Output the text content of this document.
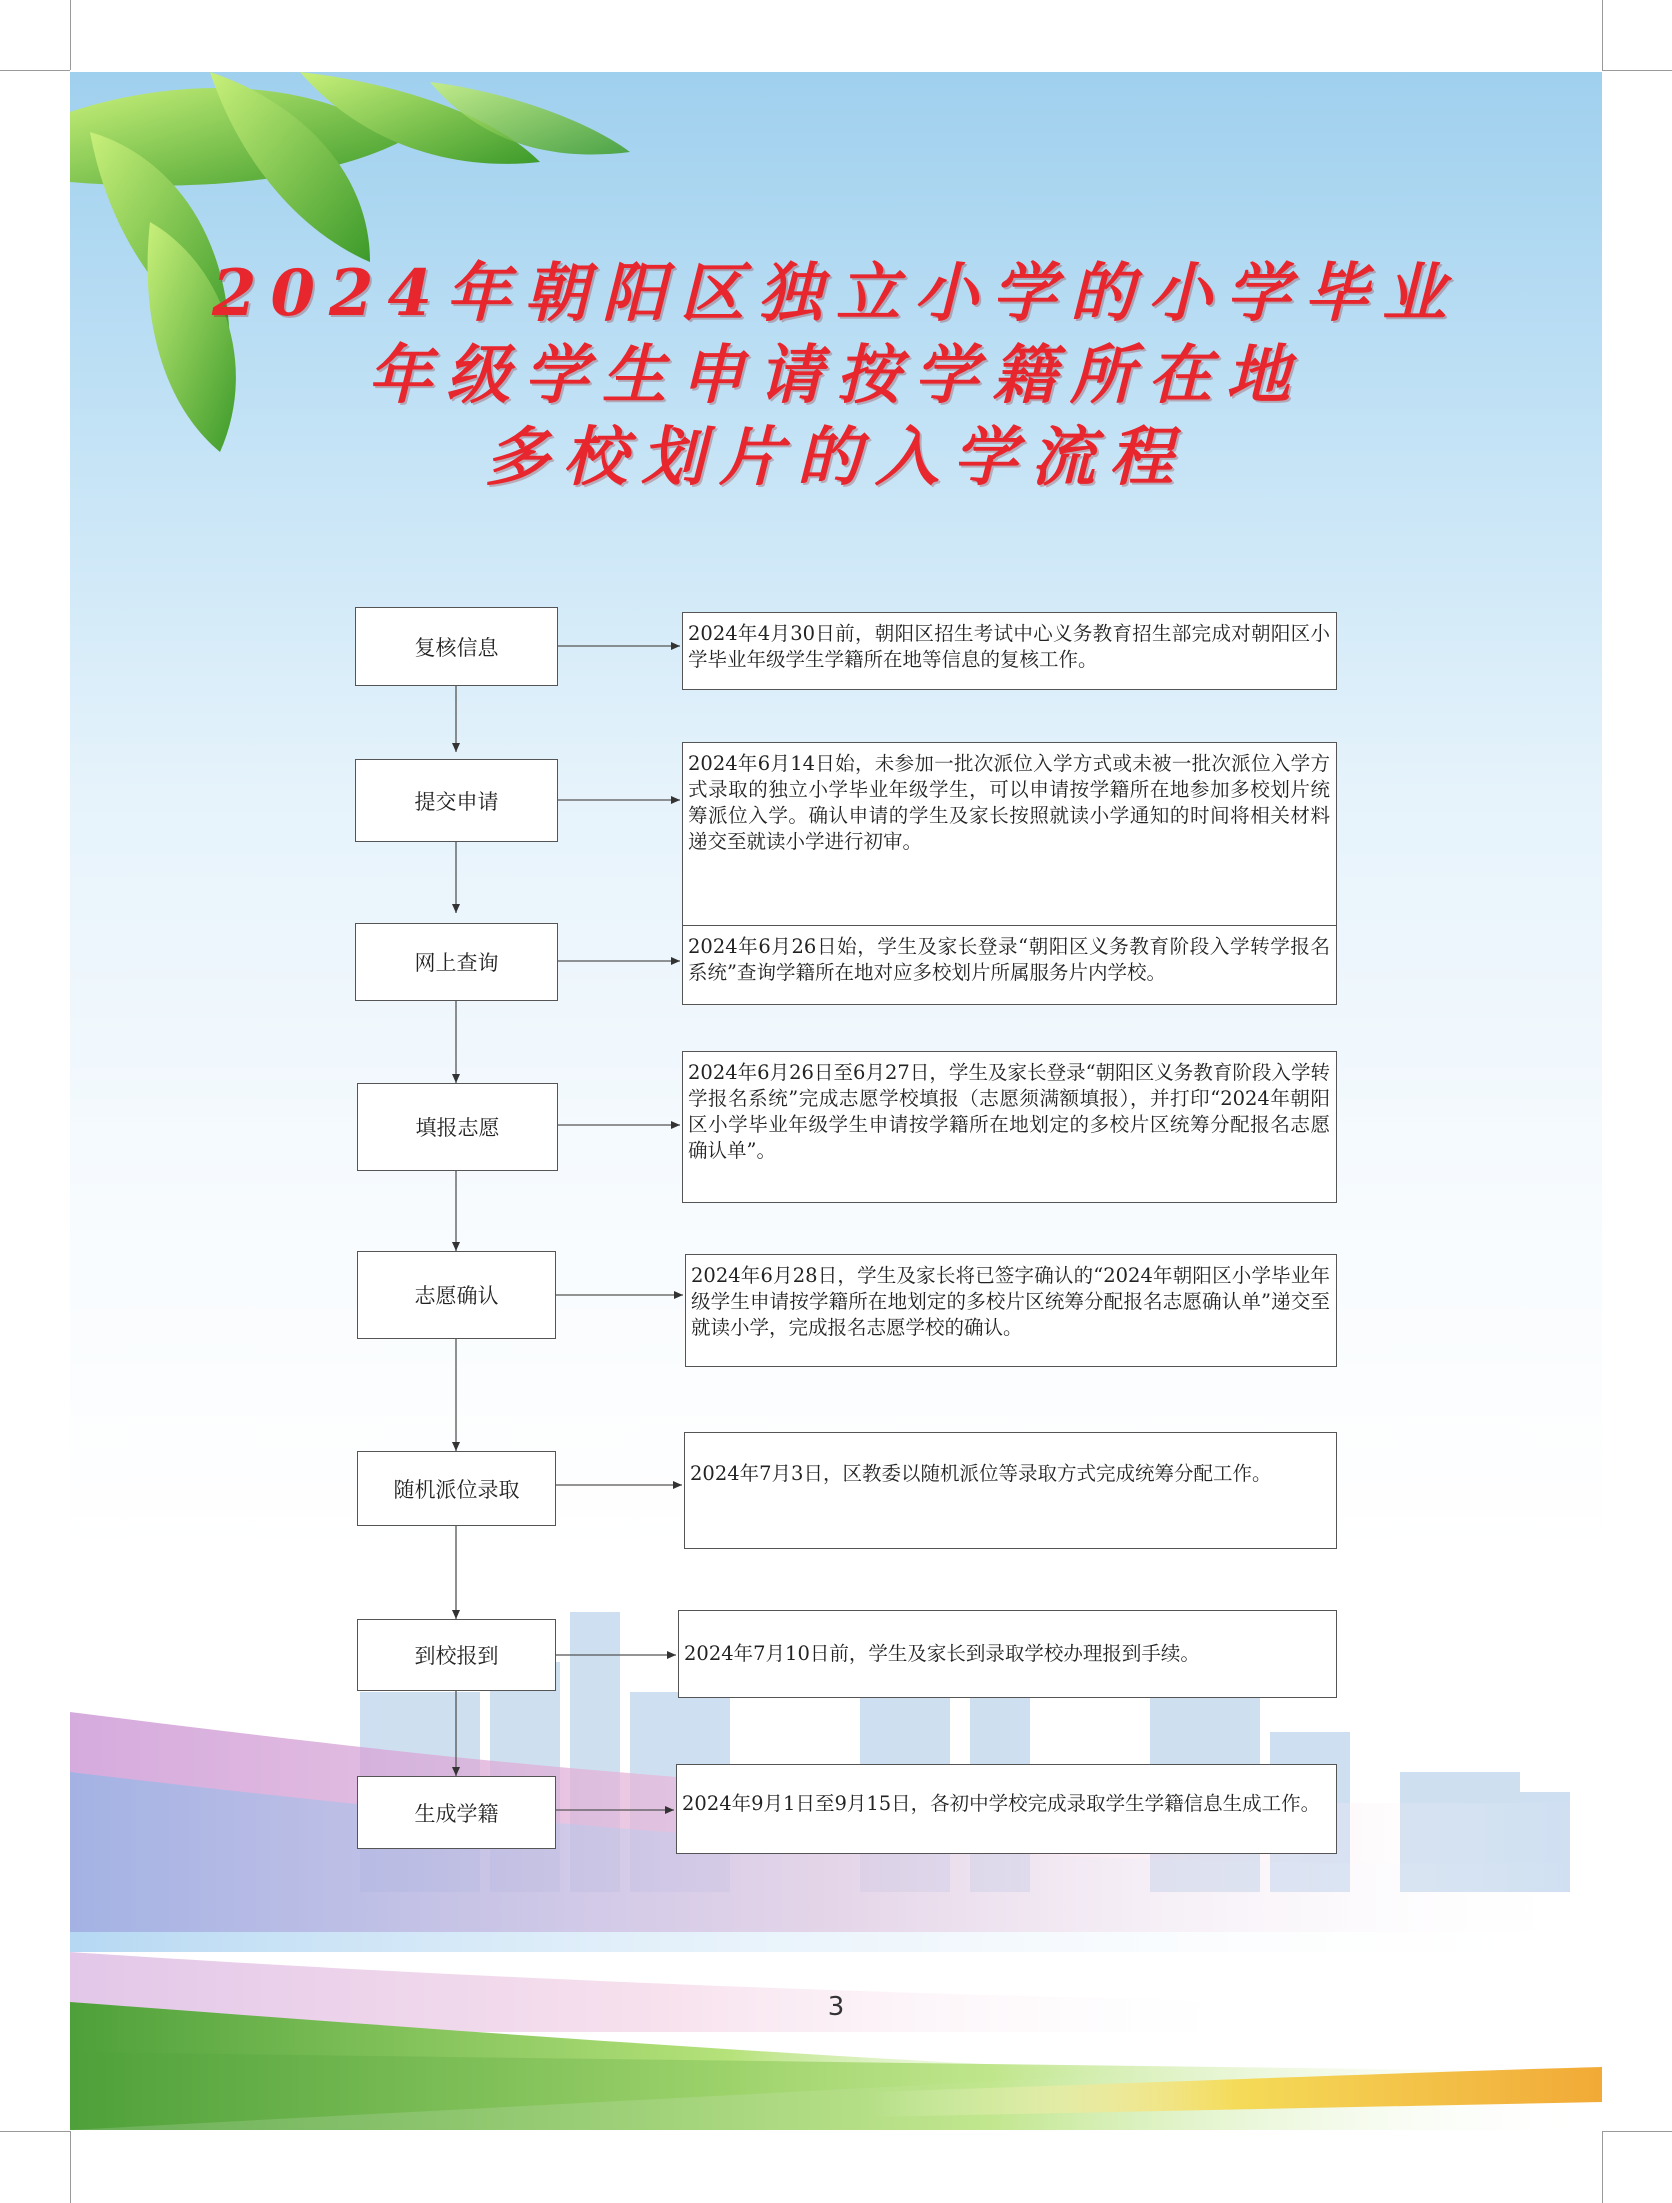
2024年朝阳区独立小学的小学毕业
年级学生申请按学籍所在地
多校划片的入学流程
复核信息
提交申请
网上查询
填报志愿
志愿确认
随机派位录取
到校报到
生成学籍

2024年4月30日前，朝阳区招生考试中心义务教育招生部完成对朝阳区小学毕业年级学生学籍所在地等信息的复核工作。

2024年6月14日始，未参加一批次派位入学方式或未被一批次派位入学方式录取的独立小学毕业年级学生，可以申请按学籍所在地参加多校划片统筹派位入学。确认申请的学生及家长按照就读小学通知的时间将相关材料递交至就读小学进行初审。

2024年6月26日始，学生及家长登录“朝阳区义务教育阶段入学转学报名系统”查询学籍所在地对应多校划片所属服务片内学校。

2024年6月26日至6月27日，学生及家长登录“朝阳区义务教育阶段入学转学报名系统”完成志愿学校填报（志愿须满额填报），并打印“2024年朝阳区小学毕业年级学生申请按学籍所在地划定的多校片区统筹分配报名志愿确认单”。

2024年6月28日，学生及家长将已签字确认的“2024年朝阳区小学毕业年级学生申请按学籍所在地划定的多校片区统筹分配报名志愿确认单”递交至就读小学，完成报名志愿学校的确认。

2024年7月3日，区教委以随机派位等录取方式完成统筹分配工作。

2024年7月10日前，学生及家长到录取学校办理报到手续。

2024年9月1日至9月15日，各初中学校完成录取学生学籍信息生成工作。

3
